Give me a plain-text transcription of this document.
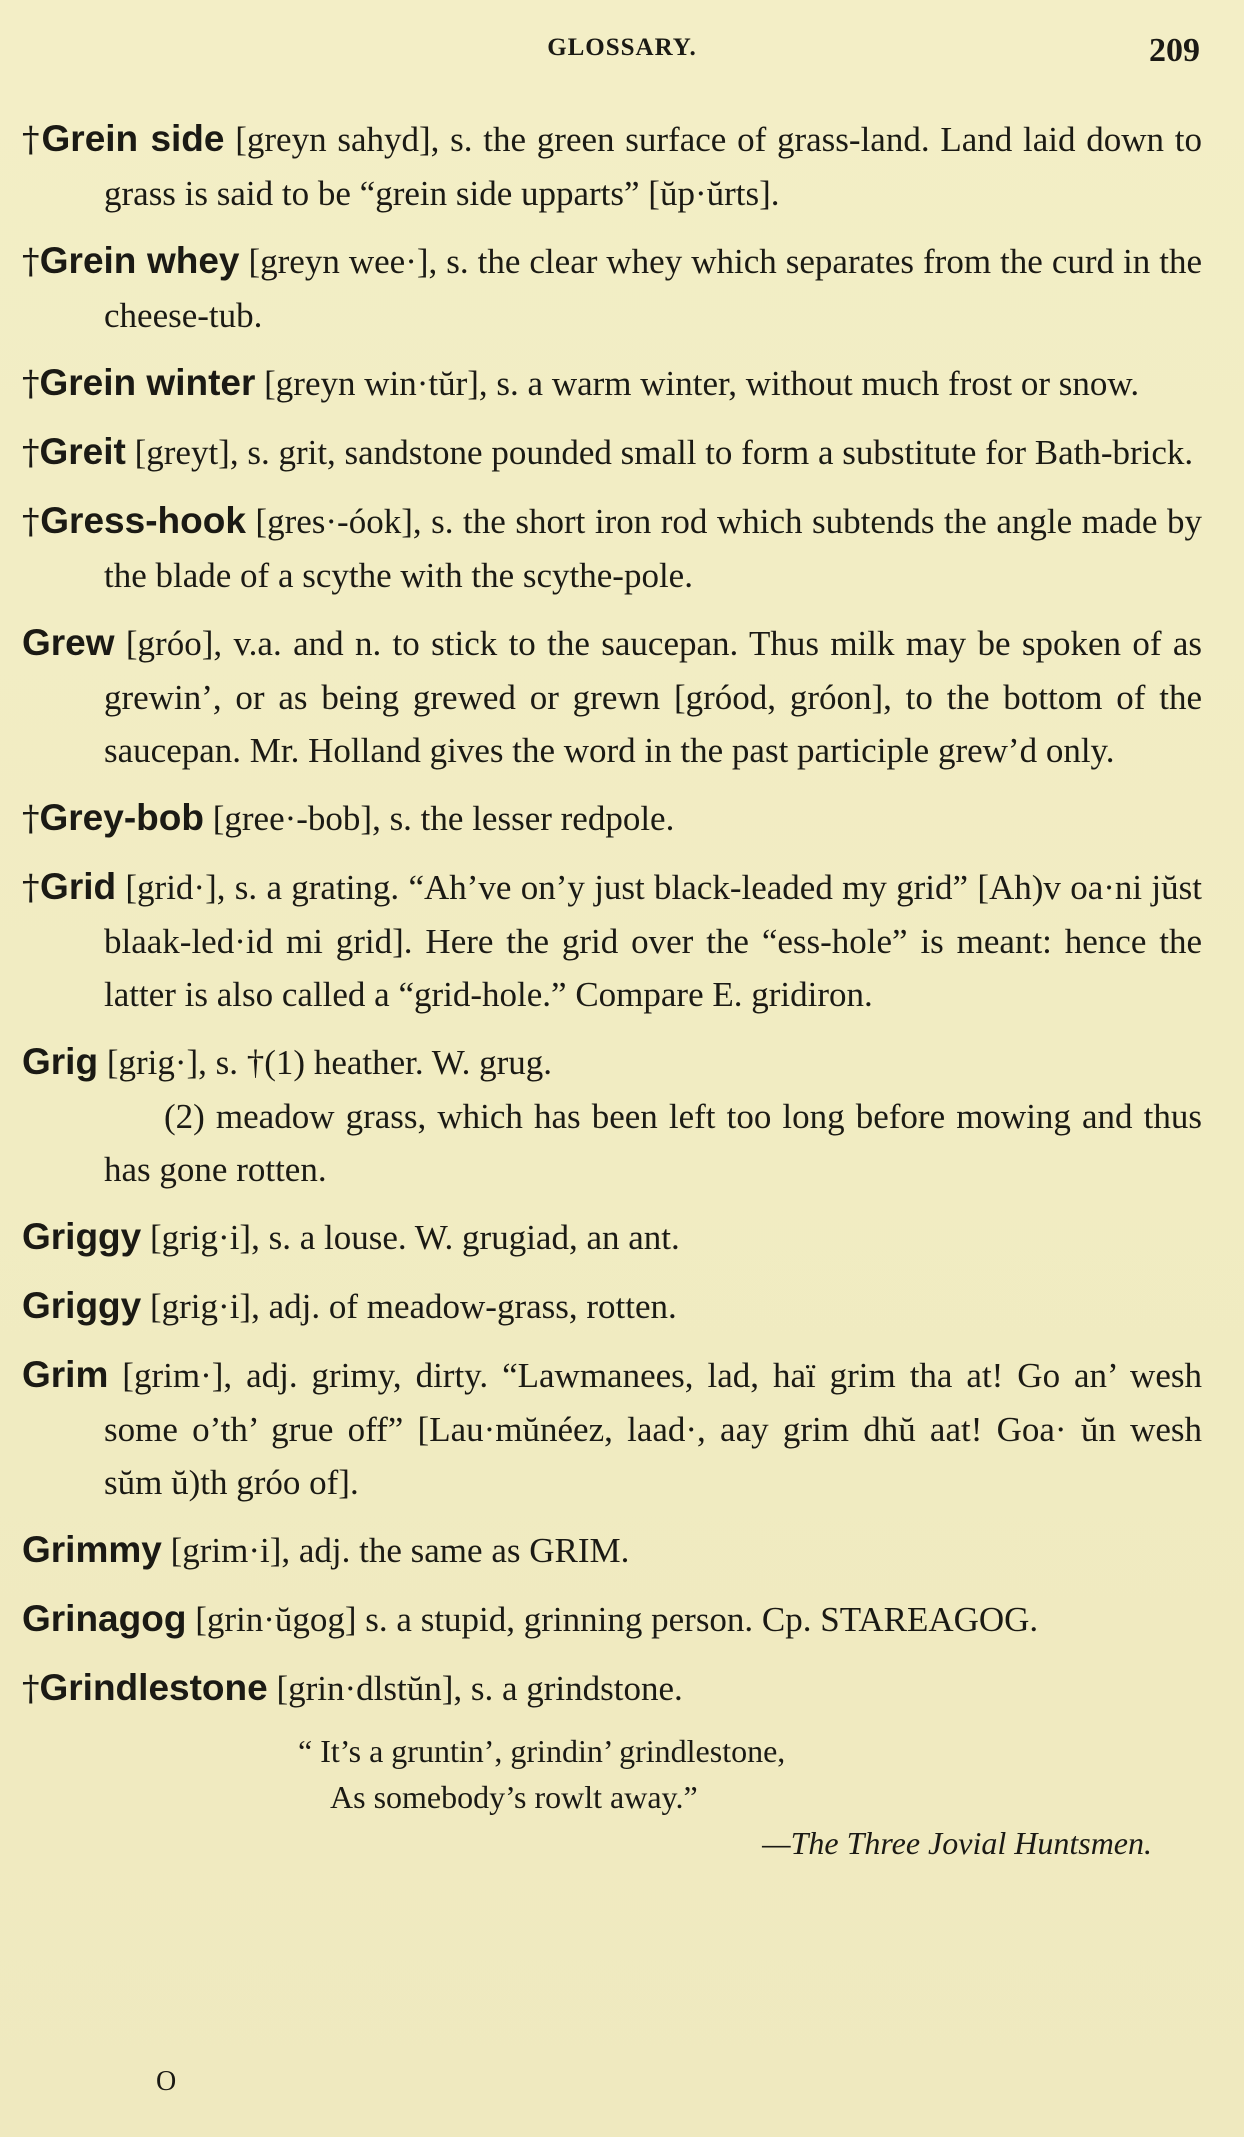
GLOSSARY.	209

†Grein side [greyn sahyd], s. the green surface of grass-land. Land laid down to grass is said to be “grein side upparts” [ŭp·ŭrts].

†Grein whey [greyn wee·], s. the clear whey which separates from the curd in the cheese-tub.

†Grein winter [greyn win·tŭr], s. a warm winter, without much frost or snow.

†Greit [greyt], s. grit, sandstone pounded small to form a substitute for Bath-brick.

†Gress-hook [gres·-óok], s. the short iron rod which subtends the angle made by the blade of a scythe with the scythe-pole.

Grew [gróo], v.a. and n. to stick to the saucepan. Thus milk may be spoken of as grewin’, or as being grewed or grewn [gróod, gróon], to the bottom of the saucepan. Mr. Holland gives the word in the past participle grew’d only.

†Grey-bob [gree·-bob], s. the lesser redpole.

†Grid [grid·], s. a grating. “Ah’ve on’y just black-leaded my grid” [Ah)v oa·ni jŭst blaak-led·id mi grid]. Here the grid over the “ess-hole” is meant: hence the latter is also called a “grid-hole.” Compare E. gridiron.

Grig [grig·], s. †(1) heather. W. grug.

(2) meadow grass, which has been left too long before mowing and thus has gone rotten.

Griggy [grig·i], s. a louse. W. grugiad, an ant.

Griggy [grig·i], adj. of meadow-grass, rotten.

Grim [grim·], adj. grimy, dirty. “Lawmanees, lad, haï grim tha at! Go an’ wesh some o’th’ grue off” [Lau·mŭnéez, laad·, aay grim dhŭ aat! Goa· ŭn wesh sŭm ŭ)th gróo of].

Grimmy [grim·i], adj. the same as GRIM.

Grinagog [grin·ŭgog] s. a stupid, grinning person. Cp. STAREAGOG.

†Grindlestone [grin·dlstŭn], s. a grindstone.

“ It’s a gruntin’, grindin’ grindlestone,
As somebody’s rowlt away.”
—The Three Jovial Huntsmen.
O
